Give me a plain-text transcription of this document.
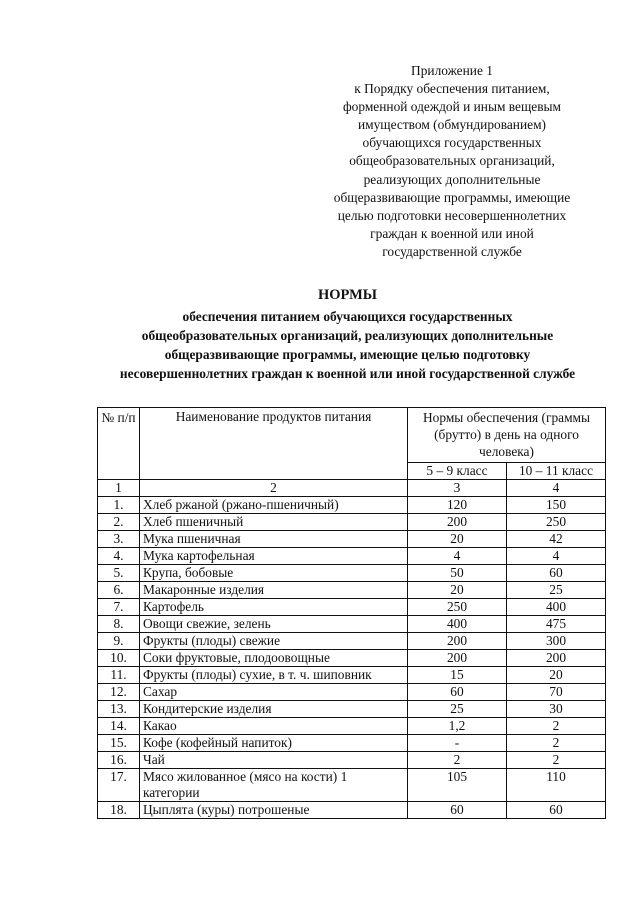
Приложение 1
к Порядку обеспечения питанием,
форменной одеждой и иным вещевым
имуществом (обмундированием)
обучающихся государственных
общеобразовательных организаций,
реализующих дополнительные
общеразвивающие программы, имеющие
целью подготовки несовершеннолетних
граждан к военной или иной
государственной службе
НОРМЫ
обеспечения питанием обучающихся государственных
общеобразовательных организаций, реализующих дополнительные
общеразвивающие программы, имеющие целью подготовку
несовершеннолетних граждан к военной или иной государственной службе
№ п/п	Наименование продуктов питания	Нормы обеспечения (граммы (брутто) в день на одного человека)	
		5 – 9 класс	10 – 11 класс
1	2	3	4
1.	Хлеб ржаной (ржано-пшеничный)	120	150
2.	Хлеб пшеничный	200	250
3.	Мука пшеничная	20	42
4.	Мука картофельная	4	4
5.	Крупа, бобовые	50	60
6.	Макаронные изделия	20	25
7.	Картофель	250	400
8.	Овощи свежие, зелень	400	475
9.	Фрукты (плоды) свежие	200	300
10.	Соки фруктовые, плодоовощные	200	200
11.	Фрукты (плоды) сухие, в т. ч. шиповник	15	20
12.	Сахар	60	70
13.	Кондитерские изделия	25	30
14.	Какао	1,2	2
15.	Кофе (кофейный напиток)	-	2
16.	Чай	2	2
17.	Мясо жилованное (мясо на кости) 1 категории	105	110
18.	Цыплята (куры) потрошеные	60	60
